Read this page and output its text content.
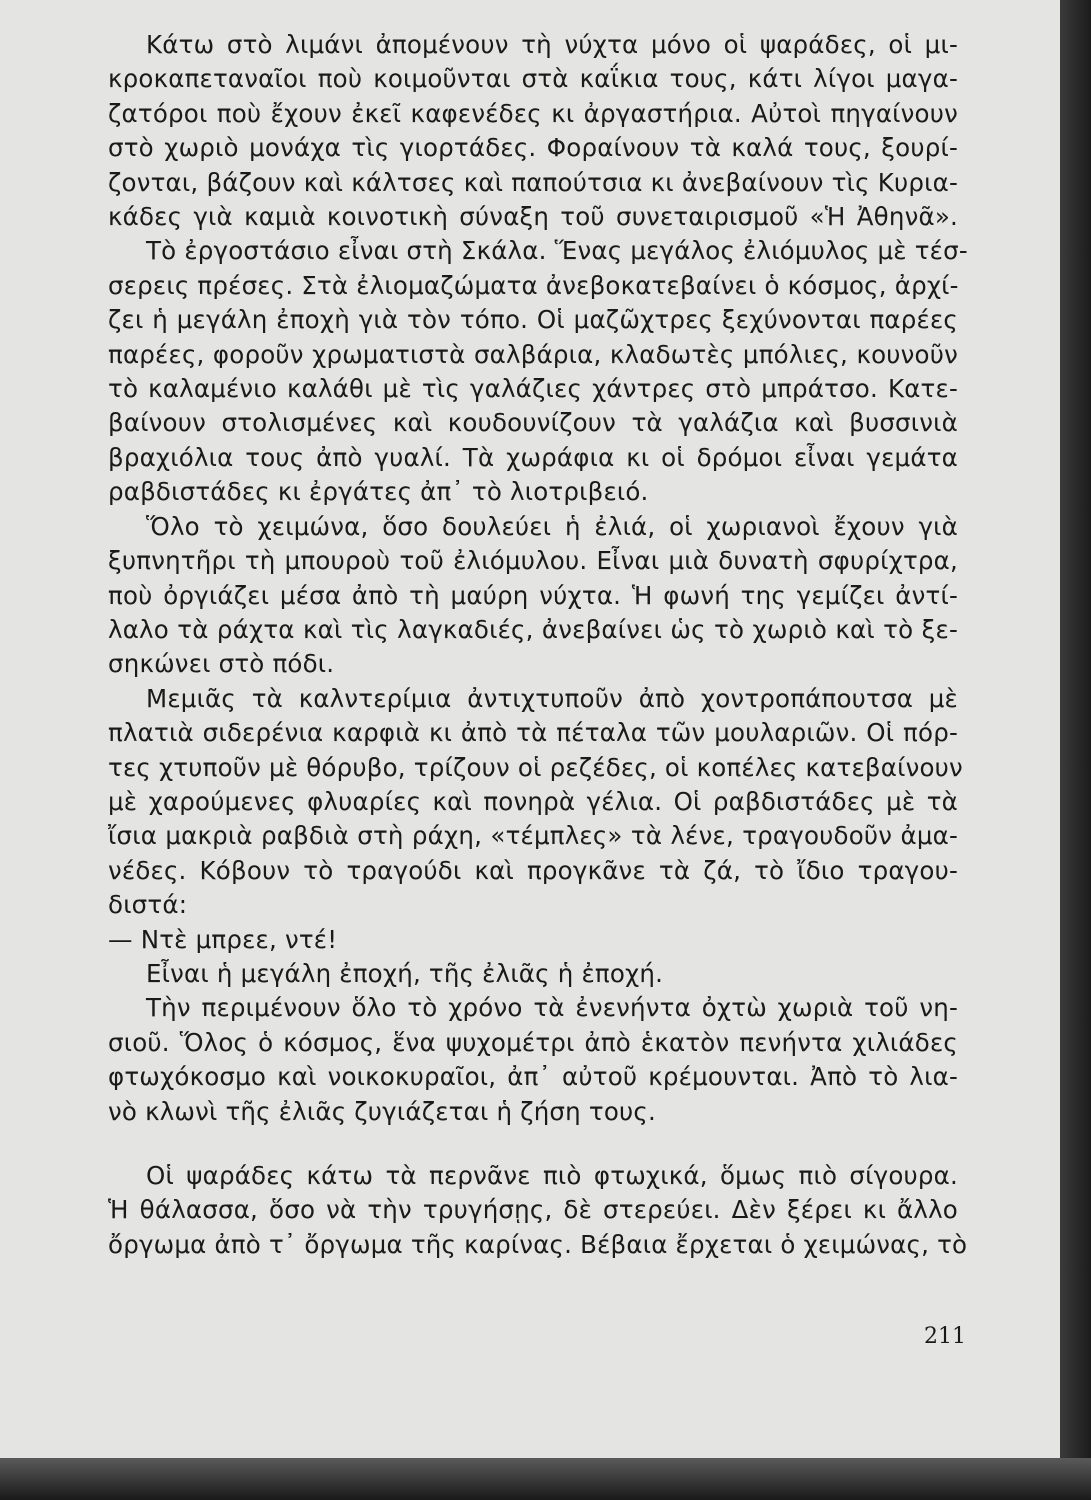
Κάτω στὸ λιμάνι ἀπομένουν τὴ νύχτα μόνο οἱ ψαράδες, οἱ μι-
κροκαπεταναῖοι ποὺ κοιμοῦνται στὰ καΐκια τους, κάτι λίγοι μαγα-
ζατόροι ποὺ ἔχουν ἐκεῖ καφενέδες κι ἀργαστήρια. Αὐτοὶ πηγαίνουν
στὸ χωριὸ μονάχα τὶς γιορτάδες. Φοραίνουν τὰ καλά τους, ξουρί-
ζονται, βάζουν καὶ κάλτσες καὶ παπούτσια κι ἀνεβαίνουν τὶς Κυρια-
κάδες γιὰ καμιὰ κοινοτικὴ σύναξη τοῦ συνεταιρισμοῦ «Ἡ Ἀθηνᾶ».
Τὸ ἐργοστάσιο εἶναι στὴ Σκάλα. Ἕνας μεγάλος ἐλιόμυλος μὲ τέσ-
σερεις πρέσες. Στὰ ἐλιομαζώματα ἀνεβοκατεβαίνει ὁ κόσμος, ἀρχί-
ζει ἡ μεγάλη ἐποχὴ γιὰ τὸν τόπο. Οἱ μαζῶχτρες ξεχύνονται παρέες
παρέες, φοροῦν χρωματιστὰ σαλβάρια, κλαδωτὲς μπόλιες, κουνοῦν
τὸ καλαμένιο καλάθι μὲ τὶς γαλάζιες χάντρες στὸ μπράτσο. Κατε-
βαίνουν στολισμένες καὶ κουδουνίζουν τὰ γαλάζια καὶ βυσσινιὰ
βραχιόλια τους ἀπὸ γυαλί. Τὰ χωράφια κι οἱ δρόμοι εἶναι γεμάτα
ραβδιστάδες κι ἐργάτες ἀπ᾽ τὸ λιοτριβειό.
Ὅλο τὸ χειμώνα, ὅσο δουλεύει ἡ ἐλιά, οἱ χωριανοὶ ἔχουν γιὰ
ξυπνητῆρι τὴ μπουροὺ τοῦ ἐλιόμυλου. Εἶναι μιὰ δυνατὴ σφυρίχτρα,
ποὺ ὀργιάζει μέσα ἀπὸ τὴ μαύρη νύχτα. Ἡ φωνή της γεμίζει ἀντί-
λαλο τὰ ράχτα καὶ τὶς λαγκαδιές, ἀνεβαίνει ὡς τὸ χωριὸ καὶ τὸ ξε-
σηκώνει στὸ πόδι.
Μεμιᾶς τὰ καλντερίμια ἀντιχτυποῦν ἀπὸ χοντροπάπουτσα μὲ
πλατιὰ σιδερένια καρφιὰ κι ἀπὸ τὰ πέταλα τῶν μουλαριῶν. Οἱ πόρ-
τες χτυποῦν μὲ θόρυβο, τρίζουν οἱ ρεζέδες, οἱ κοπέλες κατεβαίνουν
μὲ χαρούμενες φλυαρίες καὶ πονηρὰ γέλια. Οἱ ραβδιστάδες μὲ τὰ
ἴσια μακριὰ ραβδιὰ στὴ ράχη, «τέμπλες» τὰ λένε, τραγουδοῦν ἀμα-
νέδες. Κόβουν τὸ τραγούδι καὶ προγκᾶνε τὰ ζά, τὸ ἴδιο τραγου-
διστά:
— Ντὲ μπρεε, ντέ!
Εἶναι ἡ μεγάλη ἐποχή, τῆς ἐλιᾶς ἡ ἐποχή.
Τὴν περιμένουν ὅλο τὸ χρόνο τὰ ἐνενήντα ὀχτὼ χωριὰ τοῦ νη-
σιοῦ. Ὅλος ὁ κόσμος, ἕνα ψυχομέτρι ἀπὸ ἑκατὸν πενήντα χιλιάδες
φτωχόκοσμο καὶ νοικοκυραῖοι, ἀπ᾽ αὐτοῦ κρέμουνται. Ἀπὸ τὸ λια-
νὸ κλωνὶ τῆς ἐλιᾶς ζυγιάζεται ἡ ζήση τους.
Οἱ ψαράδες κάτω τὰ περνᾶνε πιὸ φτωχικά, ὅμως πιὸ σίγουρα.
Ἡ θάλασσα, ὅσο νὰ τὴν τρυγήσῃς, δὲ στερεύει. Δὲν ξέρει κι ἄλλο
ὄργωμα ἀπὸ τ᾽ ὄργωμα τῆς καρίνας. Βέβαια ἔρχεται ὁ χειμώνας, τὸ
211
